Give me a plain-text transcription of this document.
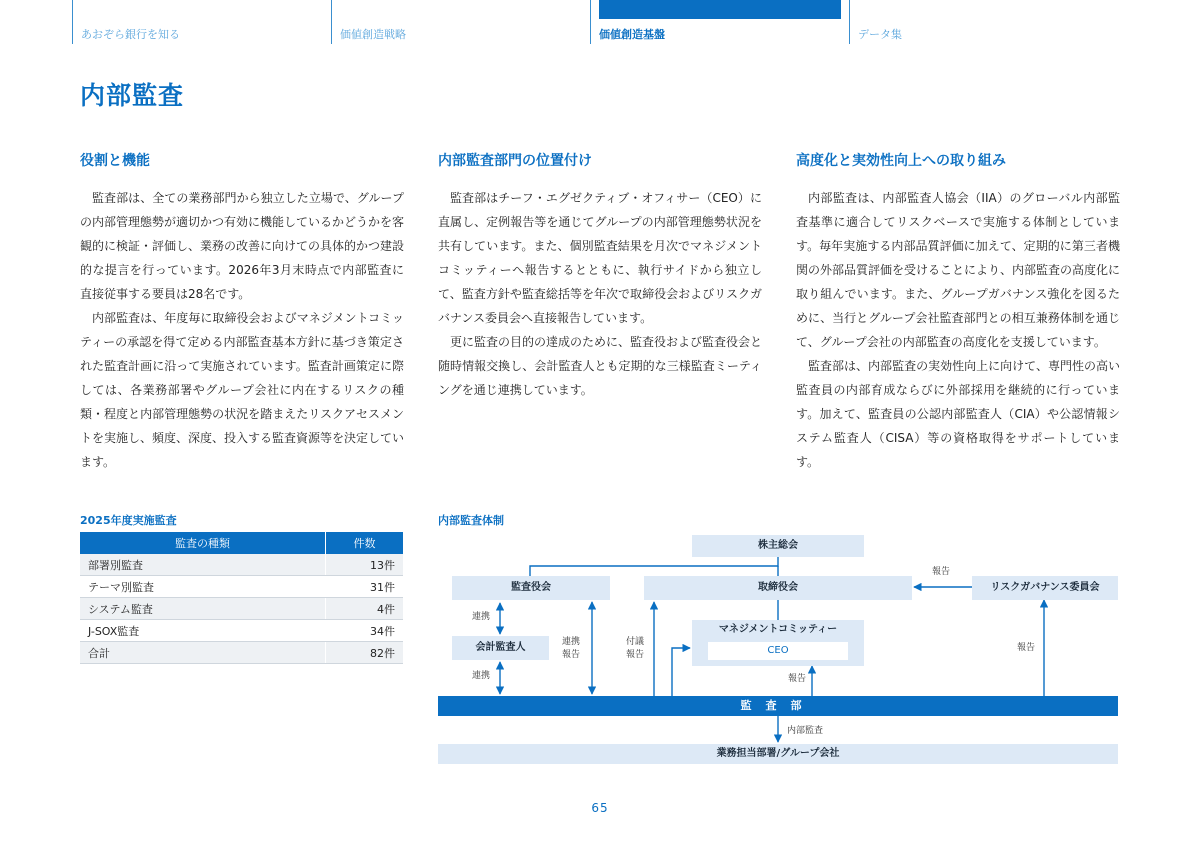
あおぞら銀行を知る	価値創造戦略	価値創造基盤	データ集
内部監査
役割と機能

監査部は、全ての業務部門から独立した立場で、グループの内部管理態勢が適切かつ有効に機能しているかどうかを客観的に検証・評価し、業務の改善に向けての具体的かつ建設的な提言を行っています。2026年3月末時点で内部監査に直接従事する要員は28名です。

内部監査は、年度毎に取締役会およびマネジメントコミッティーの承認を得て定める内部監査基本方針に基づき策定された監査計画に沿って実施されています。監査計画策定に際しては、各業務部署やグループ会社に内在するリスクの種類・程度と内部管理態勢の状況を踏まえたリスクアセスメントを実施し、頻度、深度、投入する監査資源等を決定しています。

内部監査部門の位置付け

監査部はチーフ・エグゼクティブ・オフィサー（CEO）に直属し、定例報告等を通じてグループの内部管理態勢状況を共有しています。また、個別監査結果を月次でマネジメントコミッティーへ報告するとともに、執行サイドから独立して、監査方針や監査総括等を年次で取締役会およびリスクガバナンス委員会へ直接報告しています。

更に監査の目的の達成のために、監査役および監査役会と随時情報交換し、会計監査人とも定期的な三様監査ミーティングを通じ連携しています。

高度化と実効性向上への取り組み

内部監査は、内部監査人協会（IIA）のグローバル内部監査基準に適合してリスクベースで実施する体制としています。毎年実施する内部品質評価に加えて、定期的に第三者機関の外部品質評価を受けることにより、内部監査の高度化に取り組んでいます。また、グループガバナンス強化を図るために、当行とグループ会社監査部門との相互兼務体制を通じて、グループ会社の内部監査の高度化を支援しています。

監査部は、内部監査の実効性向上に向けて、専門性の高い監査員の内部育成ならびに外部採用を継続的に行っています。加えて、監査員の公認内部監査人（CIA）や公認情報システム監査人（CISA）等の資格取得をサポートしています。

2025年度実施監査
監査の種類	件数
部署別監査	13件
テーマ別監査	31件
システム監査	4件
J-SOX監査	34件
合計	82件
内部監査体制
株主総会
監査役会	取締役会	リスクガバナンス委員会
会計監査人
マネジメントコミッティー
CEO
監査部
業務担当部署/グループ会社
報告
報告
連携
連携
連携
報告
付議
報告
報告
内部監査
65
